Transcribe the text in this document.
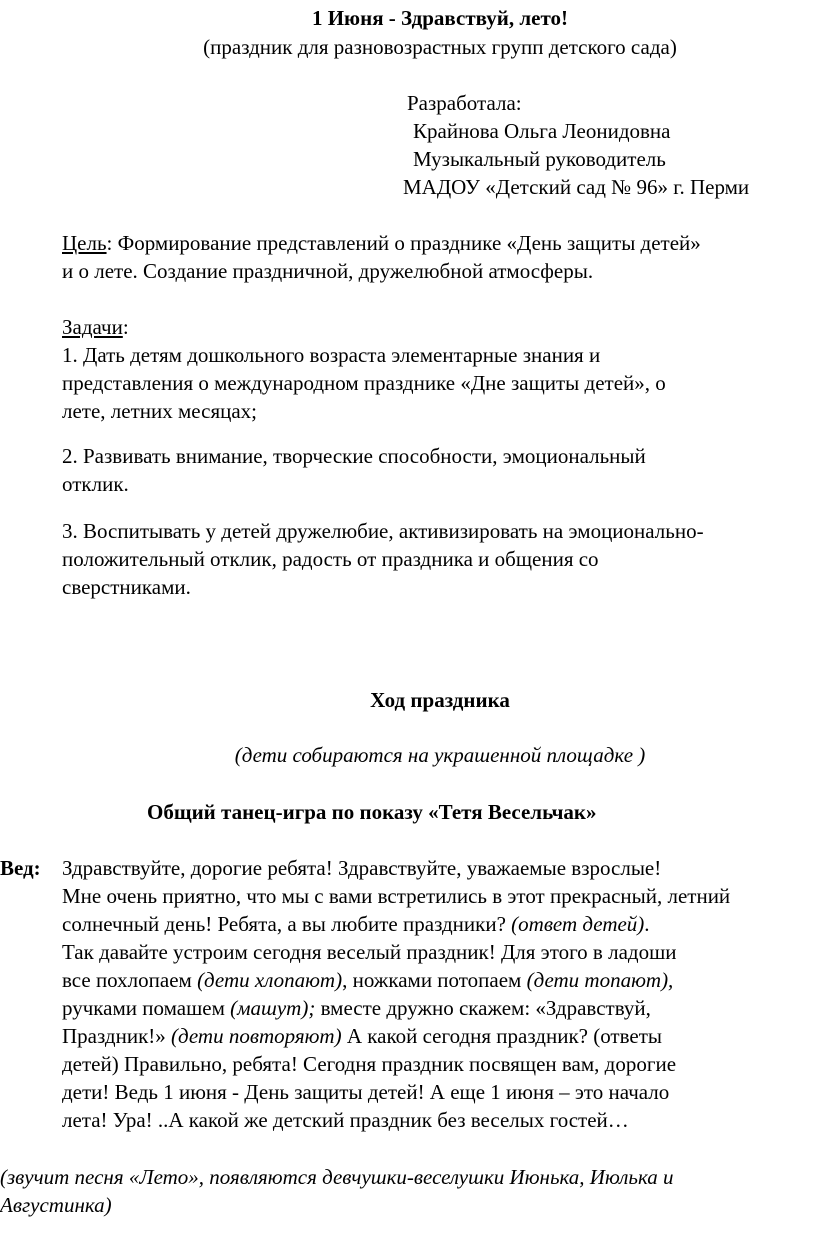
1 Июня - Здравствуй, лето!
(праздник для разновозрастных групп детского сада)
Разработала:
Крайнова Ольга Леонидовна
Музыкальный руководитель
МАДОУ «Детский сад № 96» г. Перми
Цель: Формирование представлений о празднике «День защиты детей»
и о лете. Создание праздничной, дружелюбной атмосферы.
Задачи:
1. Дать детям дошкольного возраста элементарные знания и
представления о международном празднике «Дне защиты детей», о
лете, летних месяцах;
2. Развивать внимание, творческие способности, эмоциональный
отклик.
3. Воспитывать у детей дружелюбие, активизировать на эмоционально-
положительный отклик, радость от праздника и общения со
сверстниками.
Ход праздника
(дети собираются на украшенной площадке )
Общий танец-игра по показу «Тетя Весельчак»
Вед: Здравствуйте, дорогие ребята! Здравствуйте, уважаемые взрослые!
Мне очень приятно, что мы с вами встретились в этот прекрасный, летний
солнечный день! Ребята, а вы любите праздники? (ответ детей).
Так давайте устроим сегодня веселый праздник! Для этого в ладоши
все похлопаем (дети хлопают), ножками потопаем (дети топают),
ручками помашем (машут); вместе дружно скажем: «Здравствуй,
Праздник!» (дети повторяют) А какой сегодня праздник? (ответы
детей) Правильно, ребята! Сегодня праздник посвящен вам, дорогие
дети! Ведь 1 июня - День защиты детей! А еще 1 июня – это начало
лета! Ура! ..А какой же детский праздник без веселых гостей…
(звучит песня «Лето», появляются девчушки-веселушки Июнька, Июлька и
Августинка)
